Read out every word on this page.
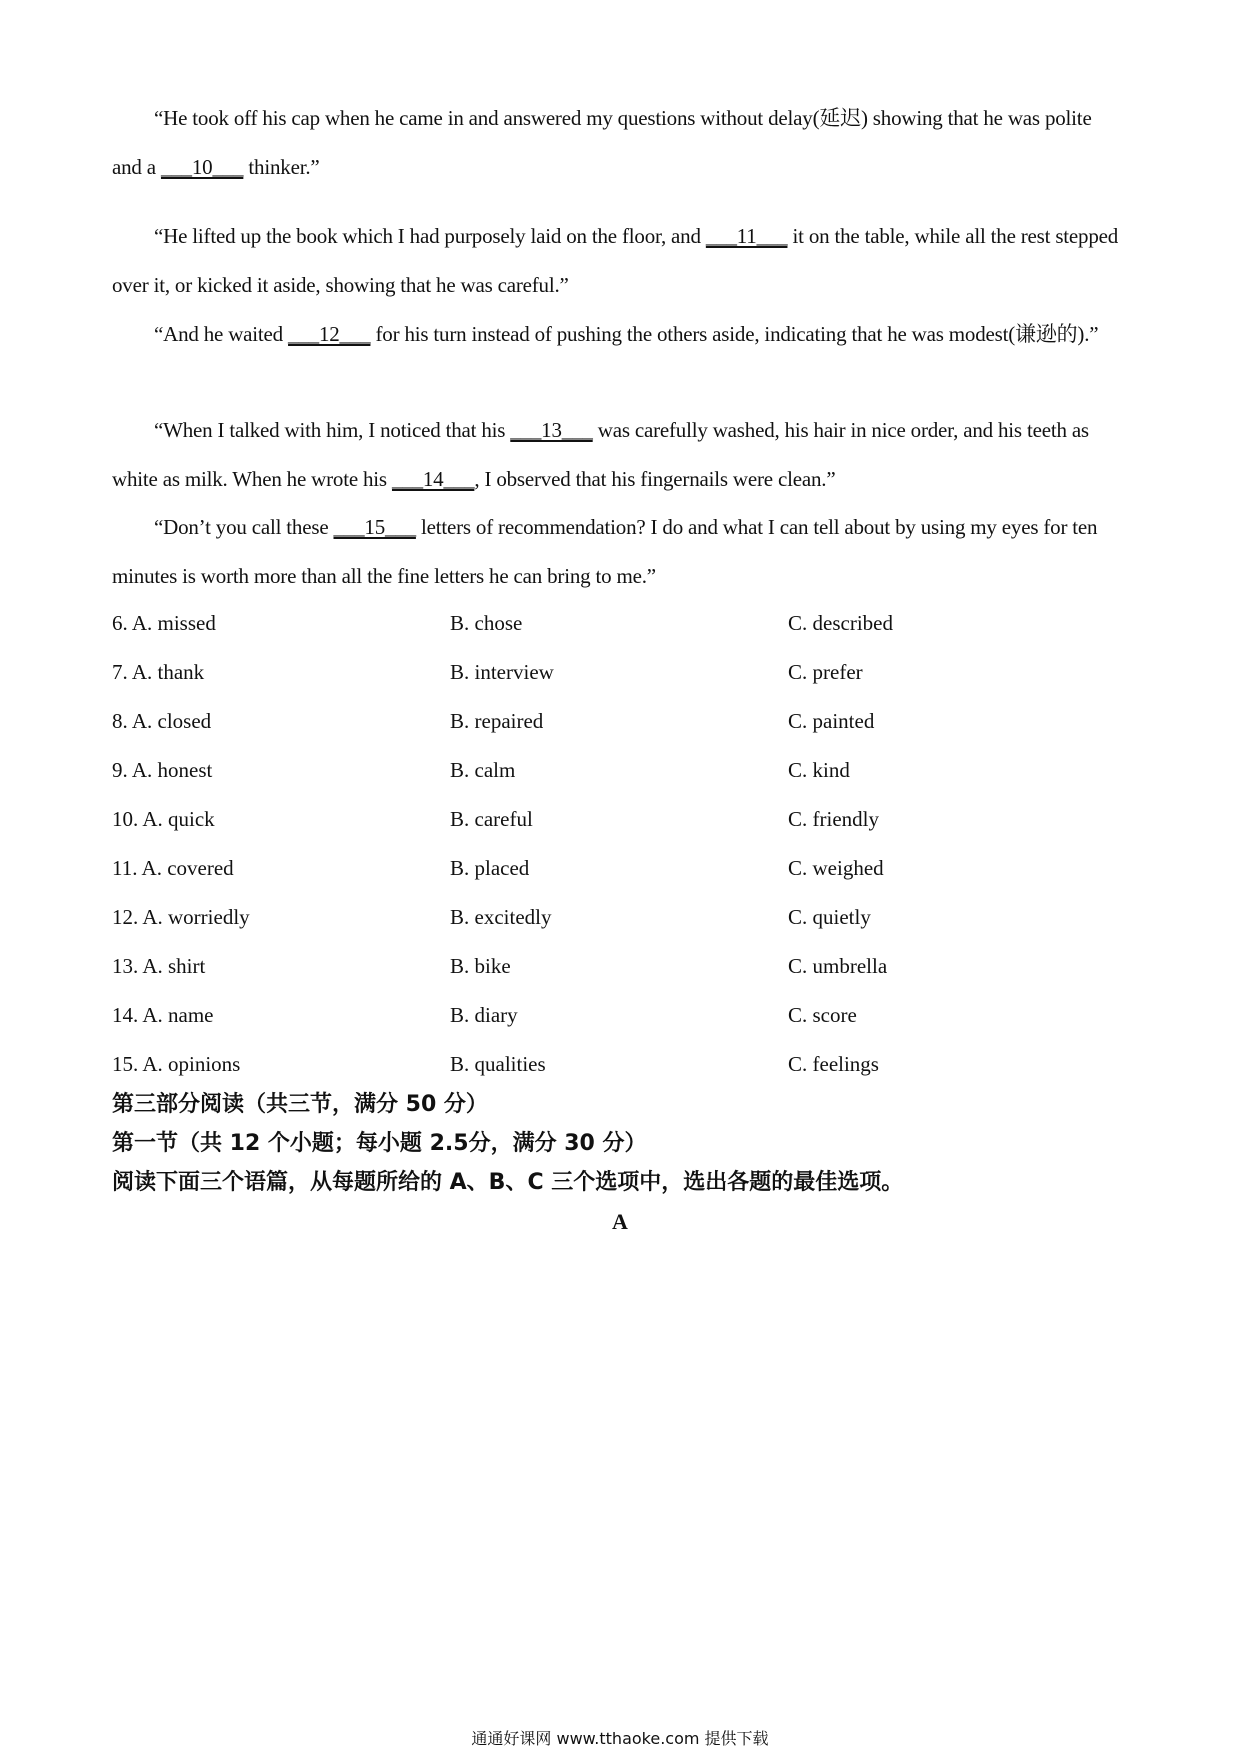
“He took off his cap when he came in and answered my questions without delay(延迟) showing that he was polite and a ___10___ thinker.”
“He lifted up the book which I had purposely laid on the floor, and ___11___ it on the table, while all the rest stepped over it, or kicked it aside, showing that he was careful.”
“And he waited ___12___ for his turn instead of pushing the others aside, indicating that he was modest(谦逊的).”
“When I talked with him, I noticed that his ___13___ was carefully washed, his hair in nice order, and his teeth as white as milk. When he wrote his ___14___, I observed that his fingernails were clean.”
“Don’t you call these ___15___ letters of recommendation? I do and what I can tell about by using my eyes for ten minutes is worth more than all the fine letters he can bring to me.”
6. A. missed	B. chose	C. described
7. A. thank	B. interview	C. prefer
8. A. closed	B. repaired	C. painted
9. A. honest	B. calm	C. kind
10. A. quick	B. careful	C. friendly
11. A. covered	B. placed	C. weighed
12. A. worriedly	B. excitedly	C. quietly
13. A. shirt	B. bike	C. umbrella
14. A. name	B. diary	C. score
15. A. opinions	B. qualities	C. feelings
第三部分阅读（共三节，满分 50 分）
第一节（共 12 个小题；每小题 2.5分，满分 30 分）
阅读下面三个语篇，从每题所给的 A、B、C 三个选项中，选出各题的最佳选项。
A
通通好课网 www.tthaoke.com 提供下载
